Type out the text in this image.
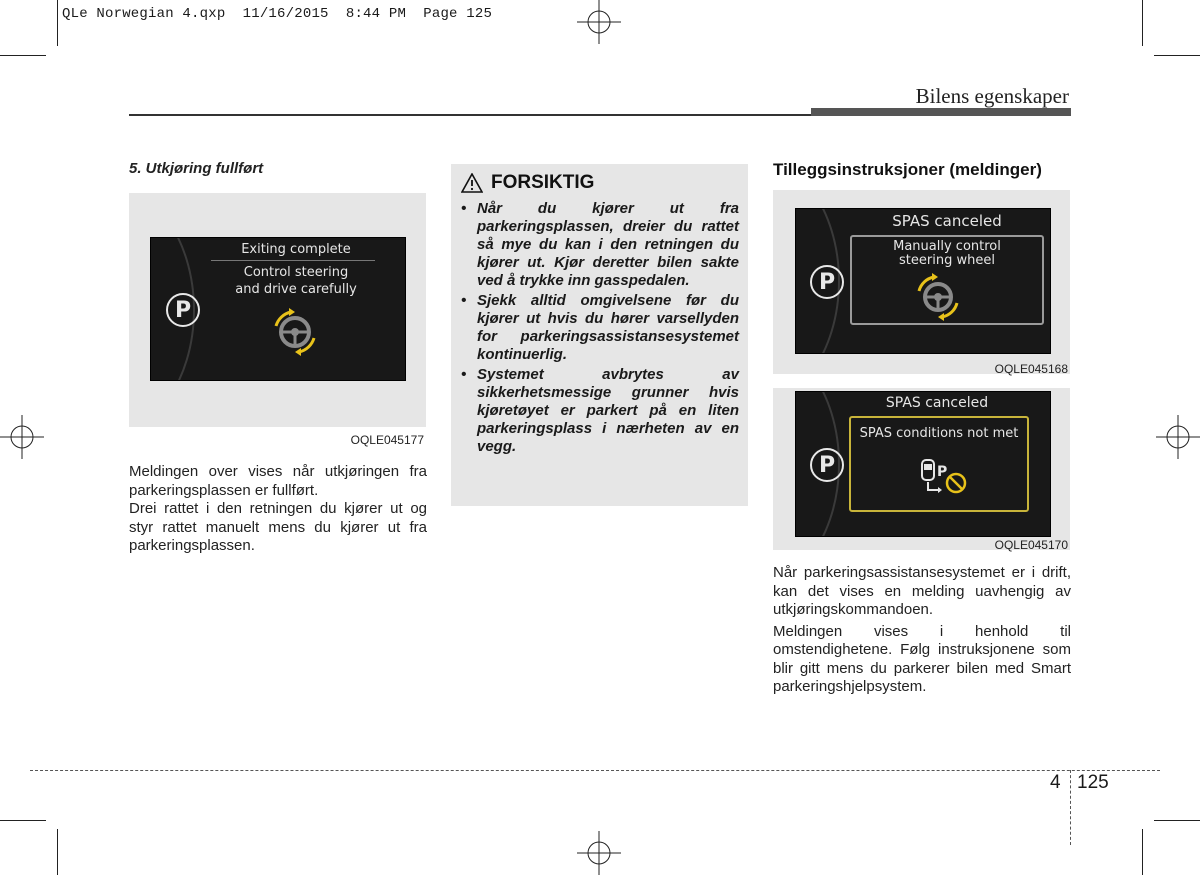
QLe Norwegian 4.qxp  11/16/2015  8:44 PM  Page 125
Bilens egenskaper

5. Utkjøring fullført

P
Exiting complete
Control steering
and drive carefully
OQLE045177

Meldingen over vises når utkjøringen fra parkeringsplassen er fullført.

Drei rattet i den retningen du kjører ut og styr rattet manuelt mens du kjører ut fra parkeringsplassen.

FORSIKTIG
• Når du kjører ut fra parkeringsplassen, dreier du rattet så mye du kan i den retningen du kjører ut. Kjør deretter bilen sakte ved å trykke inn gasspedalen.
• Sjekk alltid omgivelsene før du kjører ut hvis du hører varsellyden for parkeringsassistansesystemet kontinuerlig.
• Systemet avbrytes av sikkerhetsmessige grunner hvis kjøretøyet er parkert på en liten parkeringsplass i nærheten av en vegg.

Tilleggsinstruksjoner (meldinger)

P
SPAS canceled
Manually control
steering wheel
OQLE045168
P
SPAS canceled
SPAS conditions not met
P
OQLE045170

Når parkeringsassistansesystemet er i drift, kan det vises en melding uavhengig av utkjøringskommandoen.

Meldingen vises i henhold til omstendighetene. Følg instruksjonene som blir gitt mens du parkerer bilen med Smart parkeringshjelpsystem.

4 125
